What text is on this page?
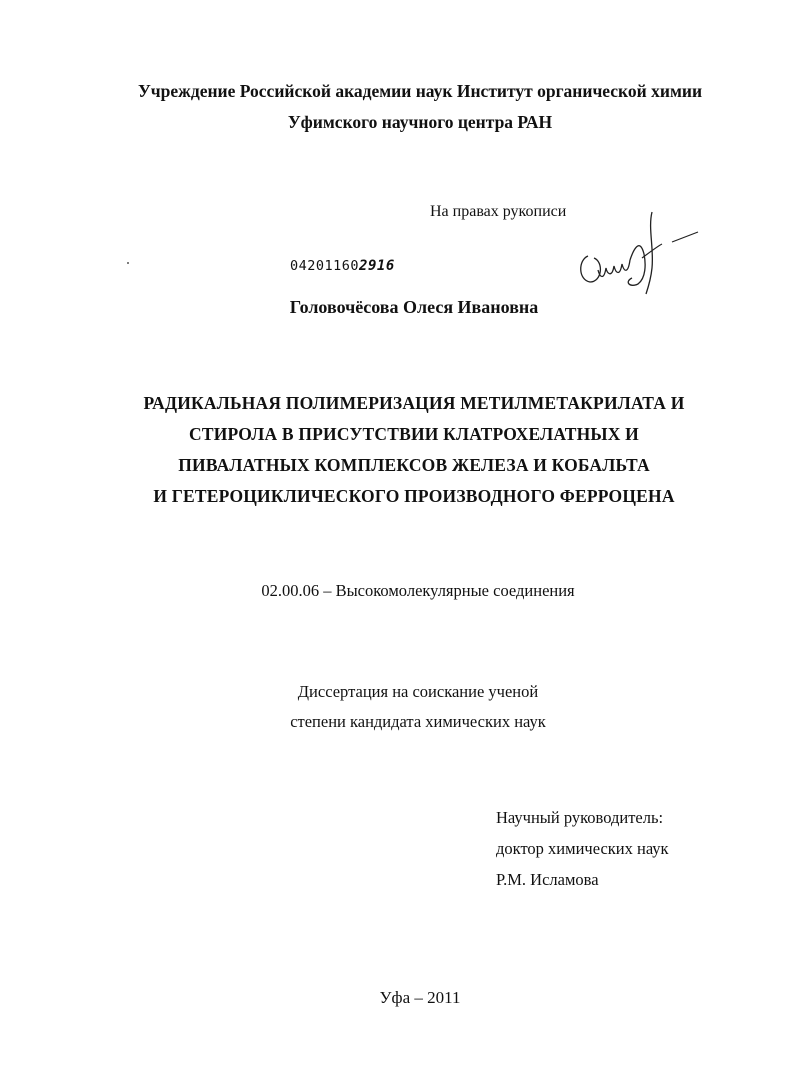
Учреждение Российской академии наук Институт органической химии
Уфимского научного центра РАН
На правах рукописи
042011602916
Головочёсова Олеся Ивановна
РАДИКАЛЬНАЯ ПОЛИМЕРИЗАЦИЯ МЕТИЛМЕТАКРИЛАТА И
СТИРОЛА В ПРИСУТСТВИИ КЛАТРОХЕЛАТНЫХ И
ПИВАЛАТНЫХ КОМПЛЕКСОВ ЖЕЛЕЗА И КОБАЛЬТА
И ГЕТЕРОЦИКЛИЧЕСКОГО ПРОИЗВОДНОГО ФЕРРОЦЕНА
02.00.06 – Высокомолекулярные соединения
Диссертация на соискание ученой
степени кандидата химических наук
Научный руководитель:
доктор химических наук
Р.М. Исламова
Уфа – 2011
